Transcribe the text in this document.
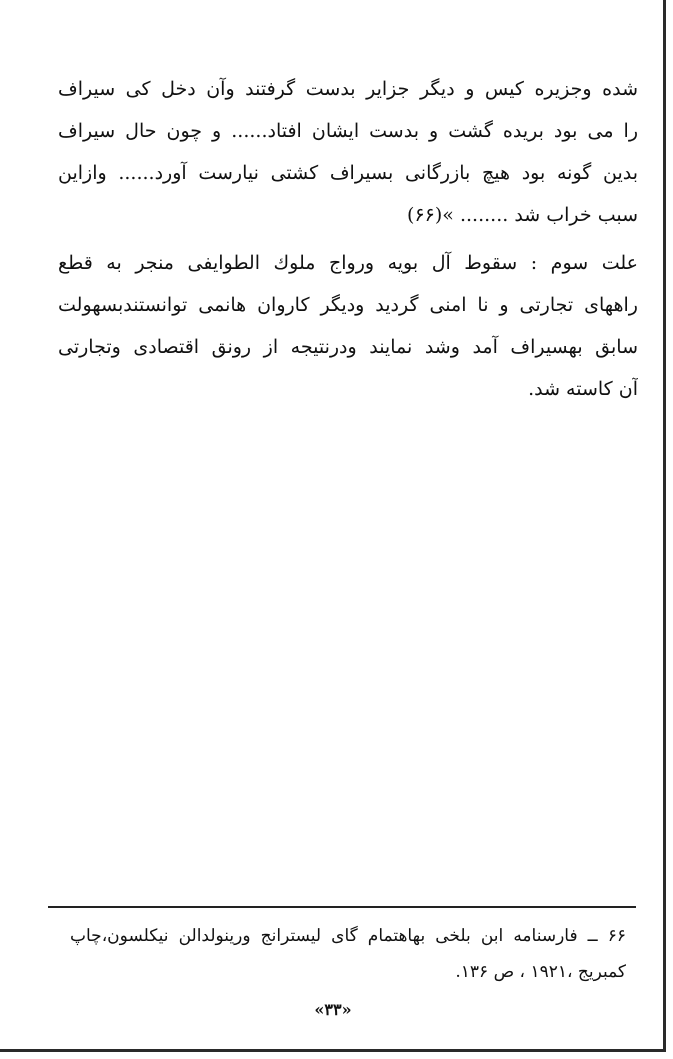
شده وجزیره کیس و دیگر جزایر بدست گرفتند وآن دخل کی سیراف
را می بود بریده گشت و بدست ایشان افتاد...... و چون حال سیراف
بدین گونه بود هیچ بازرگانی بسیراف کشتی نیارست آورد...... وازاین
سبب خراب شد ........ »(۶۶)
علت سوم : سقوط آل بویه ورواج ملوك الطوایفی منجر به قطع
راههای تجارتی و نا امنی گردید ودیگر کاروان هانمی توانستندبسهولت
سابق بهسیراف آمد وشد نمایند ودرنتیجه از رونق اقتصادی وتجارتی
آن کاسته شد.
۶۶ ــ فارسنامه ابن بلخی بهاهتمام گای لیسترانج ورینولدالن نیکلسون،چاپ
کمبریج ،۱۹۲۱ ، ص ۱۳۶.
«۳۳»
